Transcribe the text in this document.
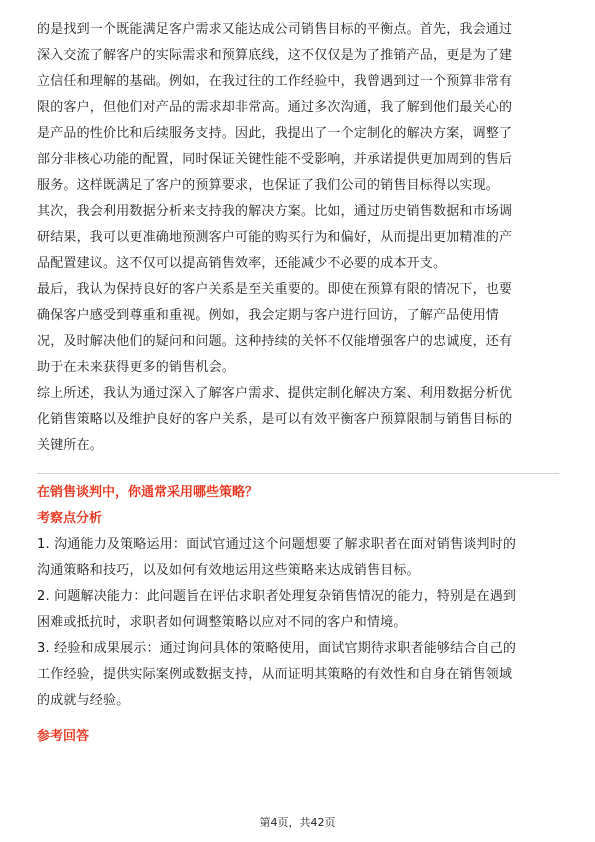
的是找到一个既能满足客户需求又能达成公司销售目标的平衡点。首先，我会通过

深入交流了解客户的实际需求和预算底线，这不仅仅是为了推销产品，更是为了建

立信任和理解的基础。例如，在我过往的工作经验中，我曾遇到过一个预算非常有

限的客户，但他们对产品的需求却非常高。通过多次沟通，我了解到他们最关心的

是产品的性价比和后续服务支持。因此，我提出了一个定制化的解决方案，调整了

部分非核心功能的配置，同时保证关键性能不受影响，并承诺提供更加周到的售后

服务。这样既满足了客户的预算要求，也保证了我们公司的销售目标得以实现。

其次，我会利用数据分析来支持我的解决方案。比如，通过历史销售数据和市场调

研结果，我可以更准确地预测客户可能的购买行为和偏好，从而提出更加精准的产

品配置建议。这不仅可以提高销售效率，还能减少不必要的成本开支。

最后，我认为保持良好的客户关系是至关重要的。即使在预算有限的情况下，也要

确保客户感受到尊重和重视。例如，我会定期与客户进行回访，了解产品使用情

况，及时解决他们的疑问和问题。这种持续的关怀不仅能增强客户的忠诚度，还有

助于在未来获得更多的销售机会。

综上所述，我认为通过深入了解客户需求、提供定制化解决方案、利用数据分析优

化销售策略以及维护良好的客户关系，是可以有效平衡客户预算限制与销售目标的

关键所在。

在销售谈判中，你通常采用哪些策略？

考察点分析

1. 沟通能力及策略运用：面试官通过这个问题想要了解求职者在面对销售谈判时的

沟通策略和技巧，以及如何有效地运用这些策略来达成销售目标。

2. 问题解决能力：此问题旨在评估求职者处理复杂销售情况的能力，特别是在遇到

困难或抵抗时，求职者如何调整策略以应对不同的客户和情境。

3. 经验和成果展示：通过询问具体的策略使用，面试官期待求职者能够结合自己的

工作经验，提供实际案例或数据支持，从而证明其策略的有效性和自身在销售领域

的成就与经验。

参考回答

第4页，共42页
